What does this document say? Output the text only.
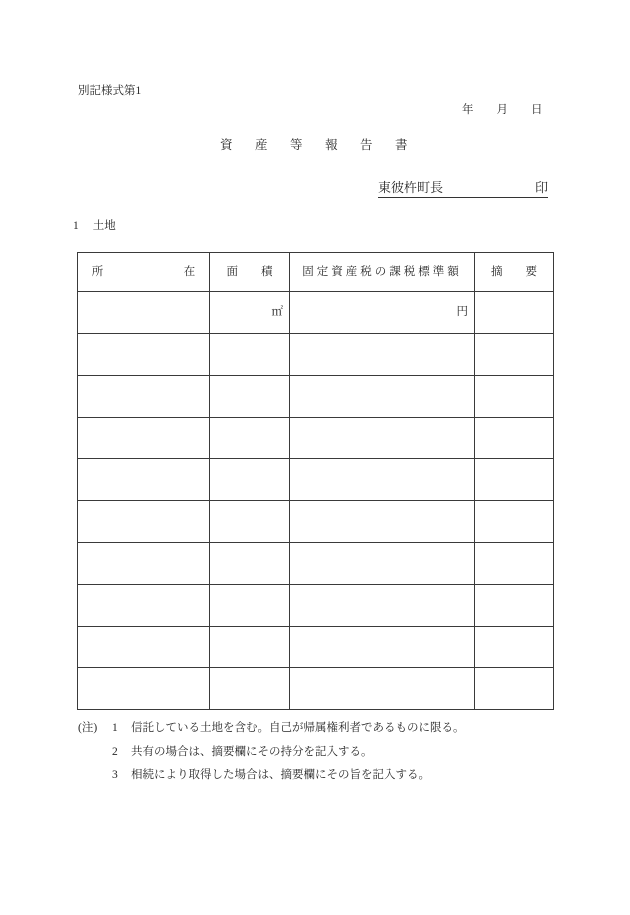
別記様式第1
年　　月　　日
資産等報告書
東彼杵町長	印
1 土地
所　　　　　　　在	面　　積	固定資産税の課税標準額	摘　　要
	㎡	円	

(注)	1	信託している土地を含む。自己が帰属権利者であるものに限る。
2	共有の場合は、摘要欄にその持分を記入する。
3	相続により取得した場合は、摘要欄にその旨を記入する。
